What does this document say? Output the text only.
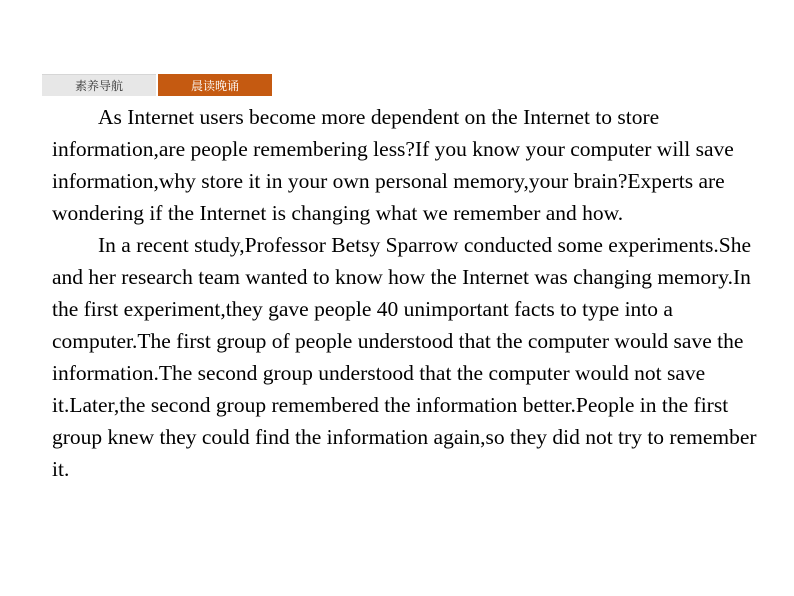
素养导航	晨读晚诵

As Internet users become more dependent on the Internet to store information,are people remembering less?If you know your computer will save information,why store it in your own personal memory,your brain?Experts are wondering if the Internet is changing what we remember and how.

In a recent study,Professor Betsy Sparrow conducted some experiments.She and her research team wanted to know how the Internet was changing memory.In the first experiment,they gave people 40 unimportant facts to type into a computer.The first group of people understood that the computer would save the information.The second group understood that the computer would not save it.Later,the second group remembered the information better.People in the first group knew they could find the information again,so they did not try to remember it.
